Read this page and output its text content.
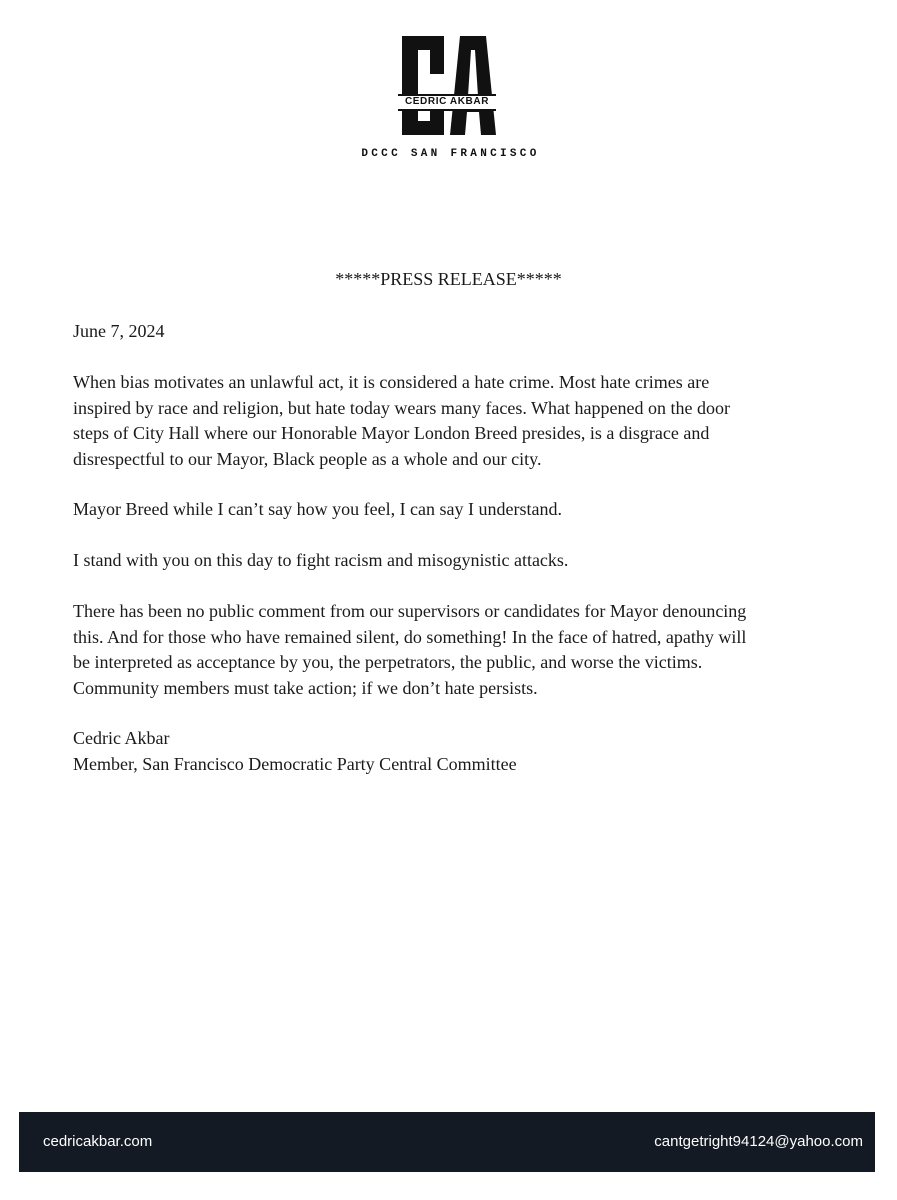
CEDRIC AKBAR
DCCC SAN FRANCISCO
*****PRESS RELEASE*****

June 7, 2024

When bias motivates an unlawful act, it is considered a hate crime. Most hate crimes are
inspired by race and religion, but hate today wears many faces. What happened on the door
steps of City Hall where our Honorable Mayor London Breed presides, is a disgrace and
disrespectful to our Mayor, Black people as a whole and our city.

Mayor Breed while I can’t say how you feel, I can say I understand.

I stand with you on this day to fight racism and misogynistic attacks.

There has been no public comment from our supervisors or candidates for Mayor denouncing
this. And for those who have remained silent, do something! In the face of hatred, apathy will
be interpreted as acceptance by you, the perpetrators, the public, and worse the victims.
Community members must take action; if we don’t hate persists.

Cedric Akbar
Member, San Francisco Democratic Party Central Committee

cedricakbar.com	cantgetright94124@yahoo.com
